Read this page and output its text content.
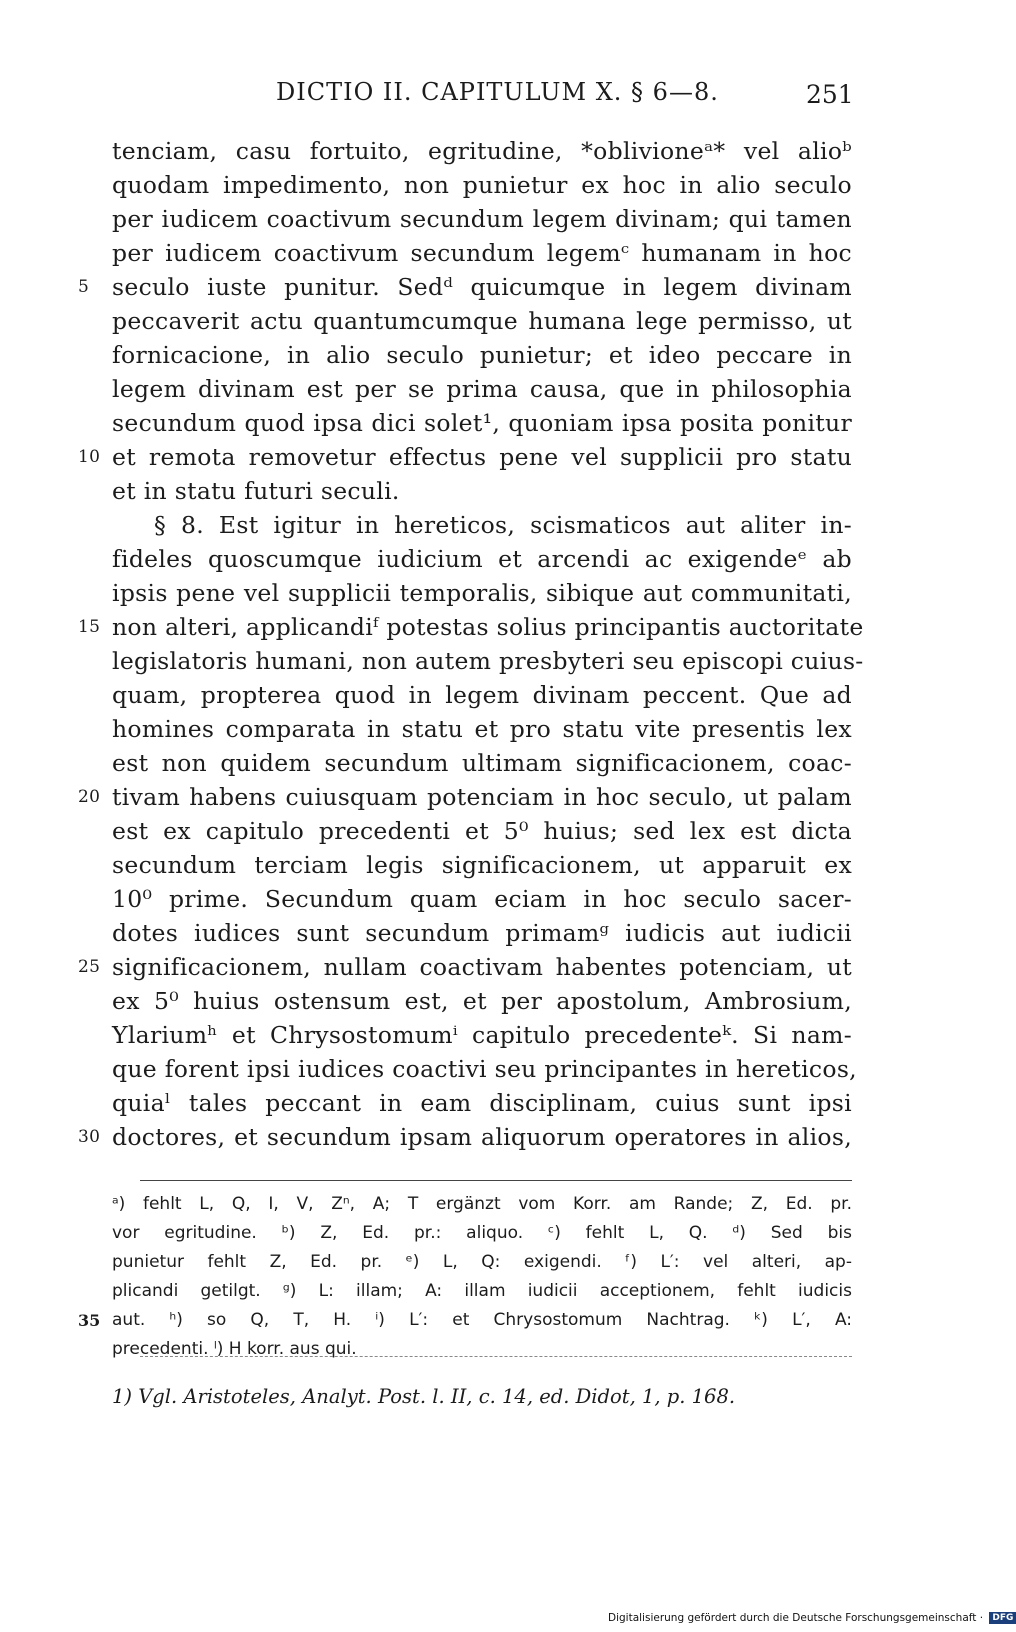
DICTIO II. CAPITULUM X. § 6—8.	251
tenciam, casu fortuito, egritudine, *oblivioneᵃ* vel alioᵇ
quodam impedimento, non punietur ex hoc in alio seculo
per iudicem coactivum secundum legem divinam; qui tamen
per iudicem coactivum secundum legemᶜ humanam in hoc
5 seculo iuste punitur. Sedᵈ quicumque in legem divinam
peccaverit actu quantumcumque humana lege permisso, ut
fornicacione, in alio seculo punietur; et ideo peccare in
legem divinam est per se prima causa, que in philosophia
secundum quod ipsa dici solet¹, quoniam ipsa posita ponitur
10 et remota removetur effectus pene vel supplicii pro statu
et in statu futuri seculi.
§ 8. Est igitur in hereticos, scismaticos aut aliter in-
fideles quoscumque iudicium et arcendi ac exigendeᵉ ab
ipsis pene vel supplicii temporalis, sibique aut communitati,
15 non alteri, applicandiᶠ potestas solius principantis auctoritate
legislatoris humani, non autem presbyteri seu episcopi cuius-
quam, propterea quod in legem divinam peccent. Que ad
homines comparata in statu et pro statu vite presentis lex
est non quidem secundum ultimam significacionem, coac-
20 tivam habens cuiusquam potenciam in hoc seculo, ut palam
est ex capitulo precedenti et 5⁰ huius; sed lex est dicta
secundum terciam legis significacionem, ut apparuit ex
10⁰ prime. Secundum quam eciam in hoc seculo sacer-
dotes iudices sunt secundum primamᵍ iudicis aut iudicii
25 significacionem, nullam coactivam habentes potenciam, ut
ex 5⁰ huius ostensum est, et per apostolum, Ambrosium,
Ylariumʰ et Chrysostomumⁱ capitulo precedenteᵏ. Si nam-
que forent ipsi iudices coactivi seu principantes in hereticos,
quiaˡ tales peccant in eam disciplinam, cuius sunt ipsi
30 doctores, et secundum ipsam aliquorum operatores in alios,
ᵃ) fehlt L, Q, I, V, Zⁿ, A; T ergänzt vom Korr. am Rande; Z, Ed. pr.
vor egritudine. ᵇ) Z, Ed. pr.: aliquo. ᶜ) fehlt L, Q. ᵈ) Sed bis
punietur fehlt Z, Ed. pr. ᵉ) L, Q: exigendi. ᶠ) L′: vel alteri, ap-
plicandi getilgt. ᵍ) L: illam; A: illam iudicii acceptionem, fehlt iudicis
35 aut. ʰ) so Q, T, H. ⁱ) L′: et Chrysostomum Nachtrag. ᵏ) L′, A:
precedenti. ˡ) H korr. aus qui.
1) Vgl. Aristoteles, Analyt. Post. l. II, c. 14, ed. Didot, 1, p. 168.
Digitalisierung gefördert durch die Deutsche Forschungsgemeinschaft · DFG
